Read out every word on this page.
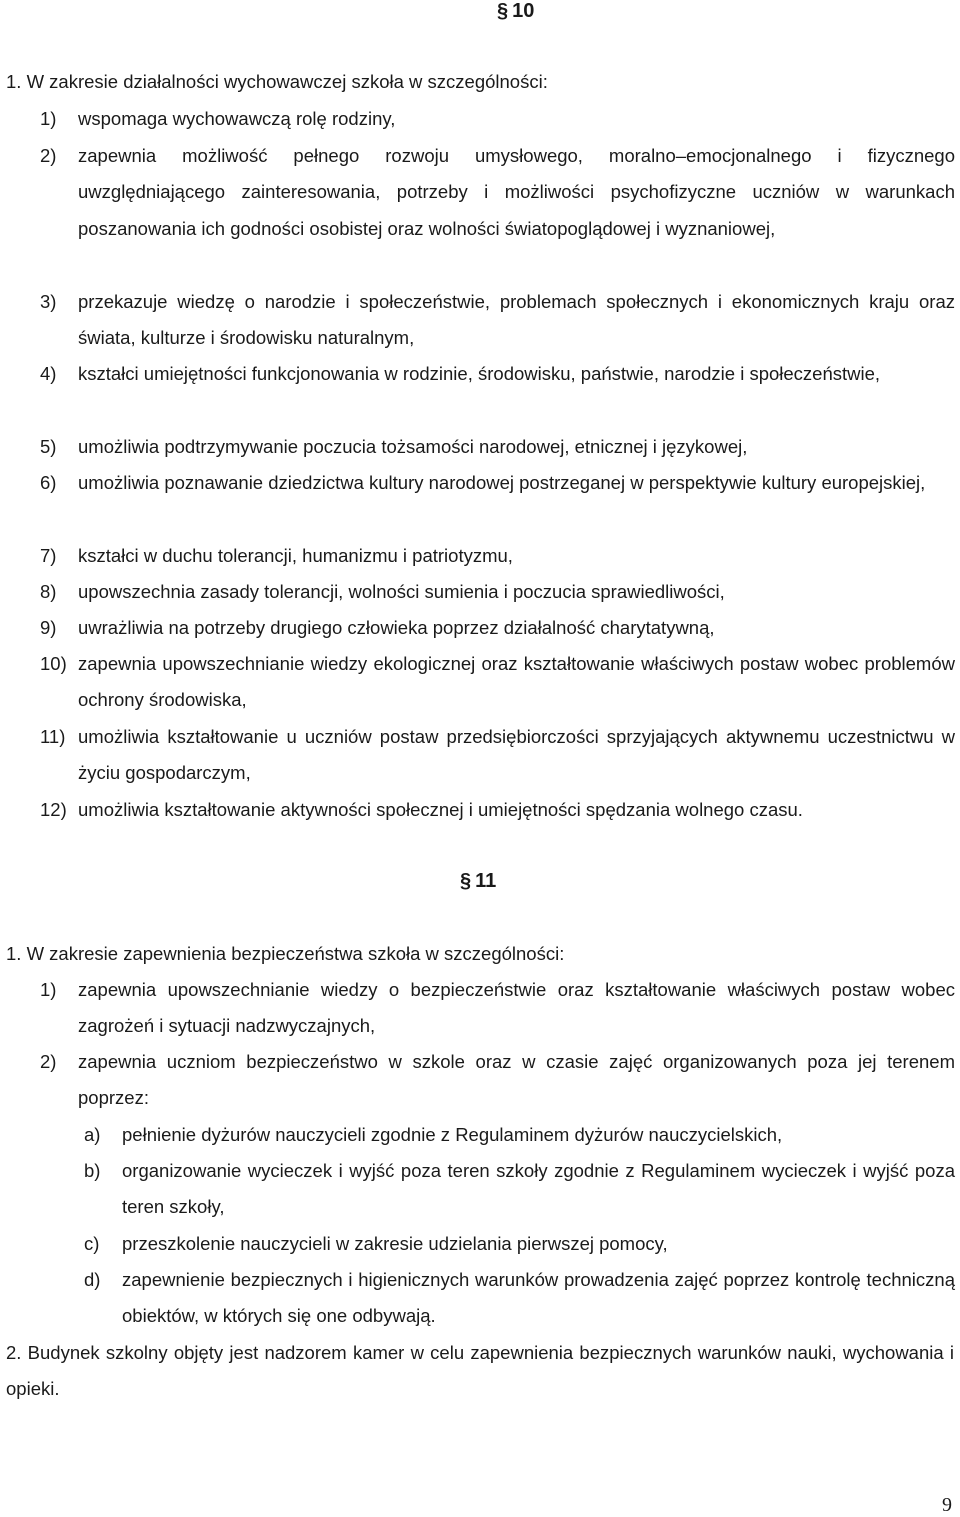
§ 10
1. W zakresie działalności wychowawczej szkoła w szczególności:
1) wspomaga wychowawczą rolę rodziny,
2) zapewnia możliwość pełnego rozwoju umysłowego, moralno–emocjonalnego i fizycznego uwzględniającego zainteresowania, potrzeby i możliwości psychofizyczne uczniów w warunkach poszanowania ich godności osobistej oraz wolności światopoglądowej i wyznaniowej,
3) przekazuje wiedzę o narodzie i społeczeństwie, problemach społecznych i ekonomicznych kraju oraz świata, kulturze i środowisku naturalnym,
4) kształci umiejętności funkcjonowania w rodzinie, środowisku, państwie, narodzie i społeczeństwie,
5) umożliwia podtrzymywanie poczucia tożsamości narodowej, etnicznej i językowej,
6) umożliwia poznawanie dziedzictwa kultury narodowej postrzeganej w perspektywie kultury europejskiej,
7) kształci w duchu tolerancji, humanizmu i patriotyzmu,
8) upowszechnia zasady tolerancji, wolności sumienia i poczucia sprawiedliwości,
9) uwrażliwia na potrzeby drugiego człowieka poprzez działalność charytatywną,
10) zapewnia upowszechnianie wiedzy ekologicznej oraz kształtowanie właściwych postaw wobec problemów ochrony środowiska,
11) umożliwia kształtowanie u uczniów postaw przedsiębiorczości sprzyjających aktywnemu uczestnictwu w życiu gospodarczym,
12) umożliwia kształtowanie aktywności społecznej i umiejętności spędzania wolnego czasu.
§ 11
1. W zakresie zapewnienia bezpieczeństwa szkoła w szczególności:
1) zapewnia upowszechnianie wiedzy o bezpieczeństwie oraz kształtowanie właściwych postaw wobec zagrożeń i sytuacji nadzwyczajnych,
2) zapewnia uczniom bezpieczeństwo w szkole oraz w czasie zajęć organizowanych poza jej terenem poprzez:
a) pełnienie dyżurów nauczycieli zgodnie z Regulaminem dyżurów nauczycielskich,
b) organizowanie wycieczek i wyjść poza teren szkoły zgodnie z Regulaminem wycieczek i wyjść poza teren szkoły,
c) przeszkolenie nauczycieli w zakresie udzielania pierwszej pomocy,
d) zapewnienie bezpiecznych i higienicznych warunków prowadzenia zajęć poprzez kontrolę techniczną obiektów, w których się one odbywają.
2. Budynek szkolny objęty jest nadzorem kamer w celu zapewnienia bezpiecznych warunków nauki, wychowania i opieki.
9
